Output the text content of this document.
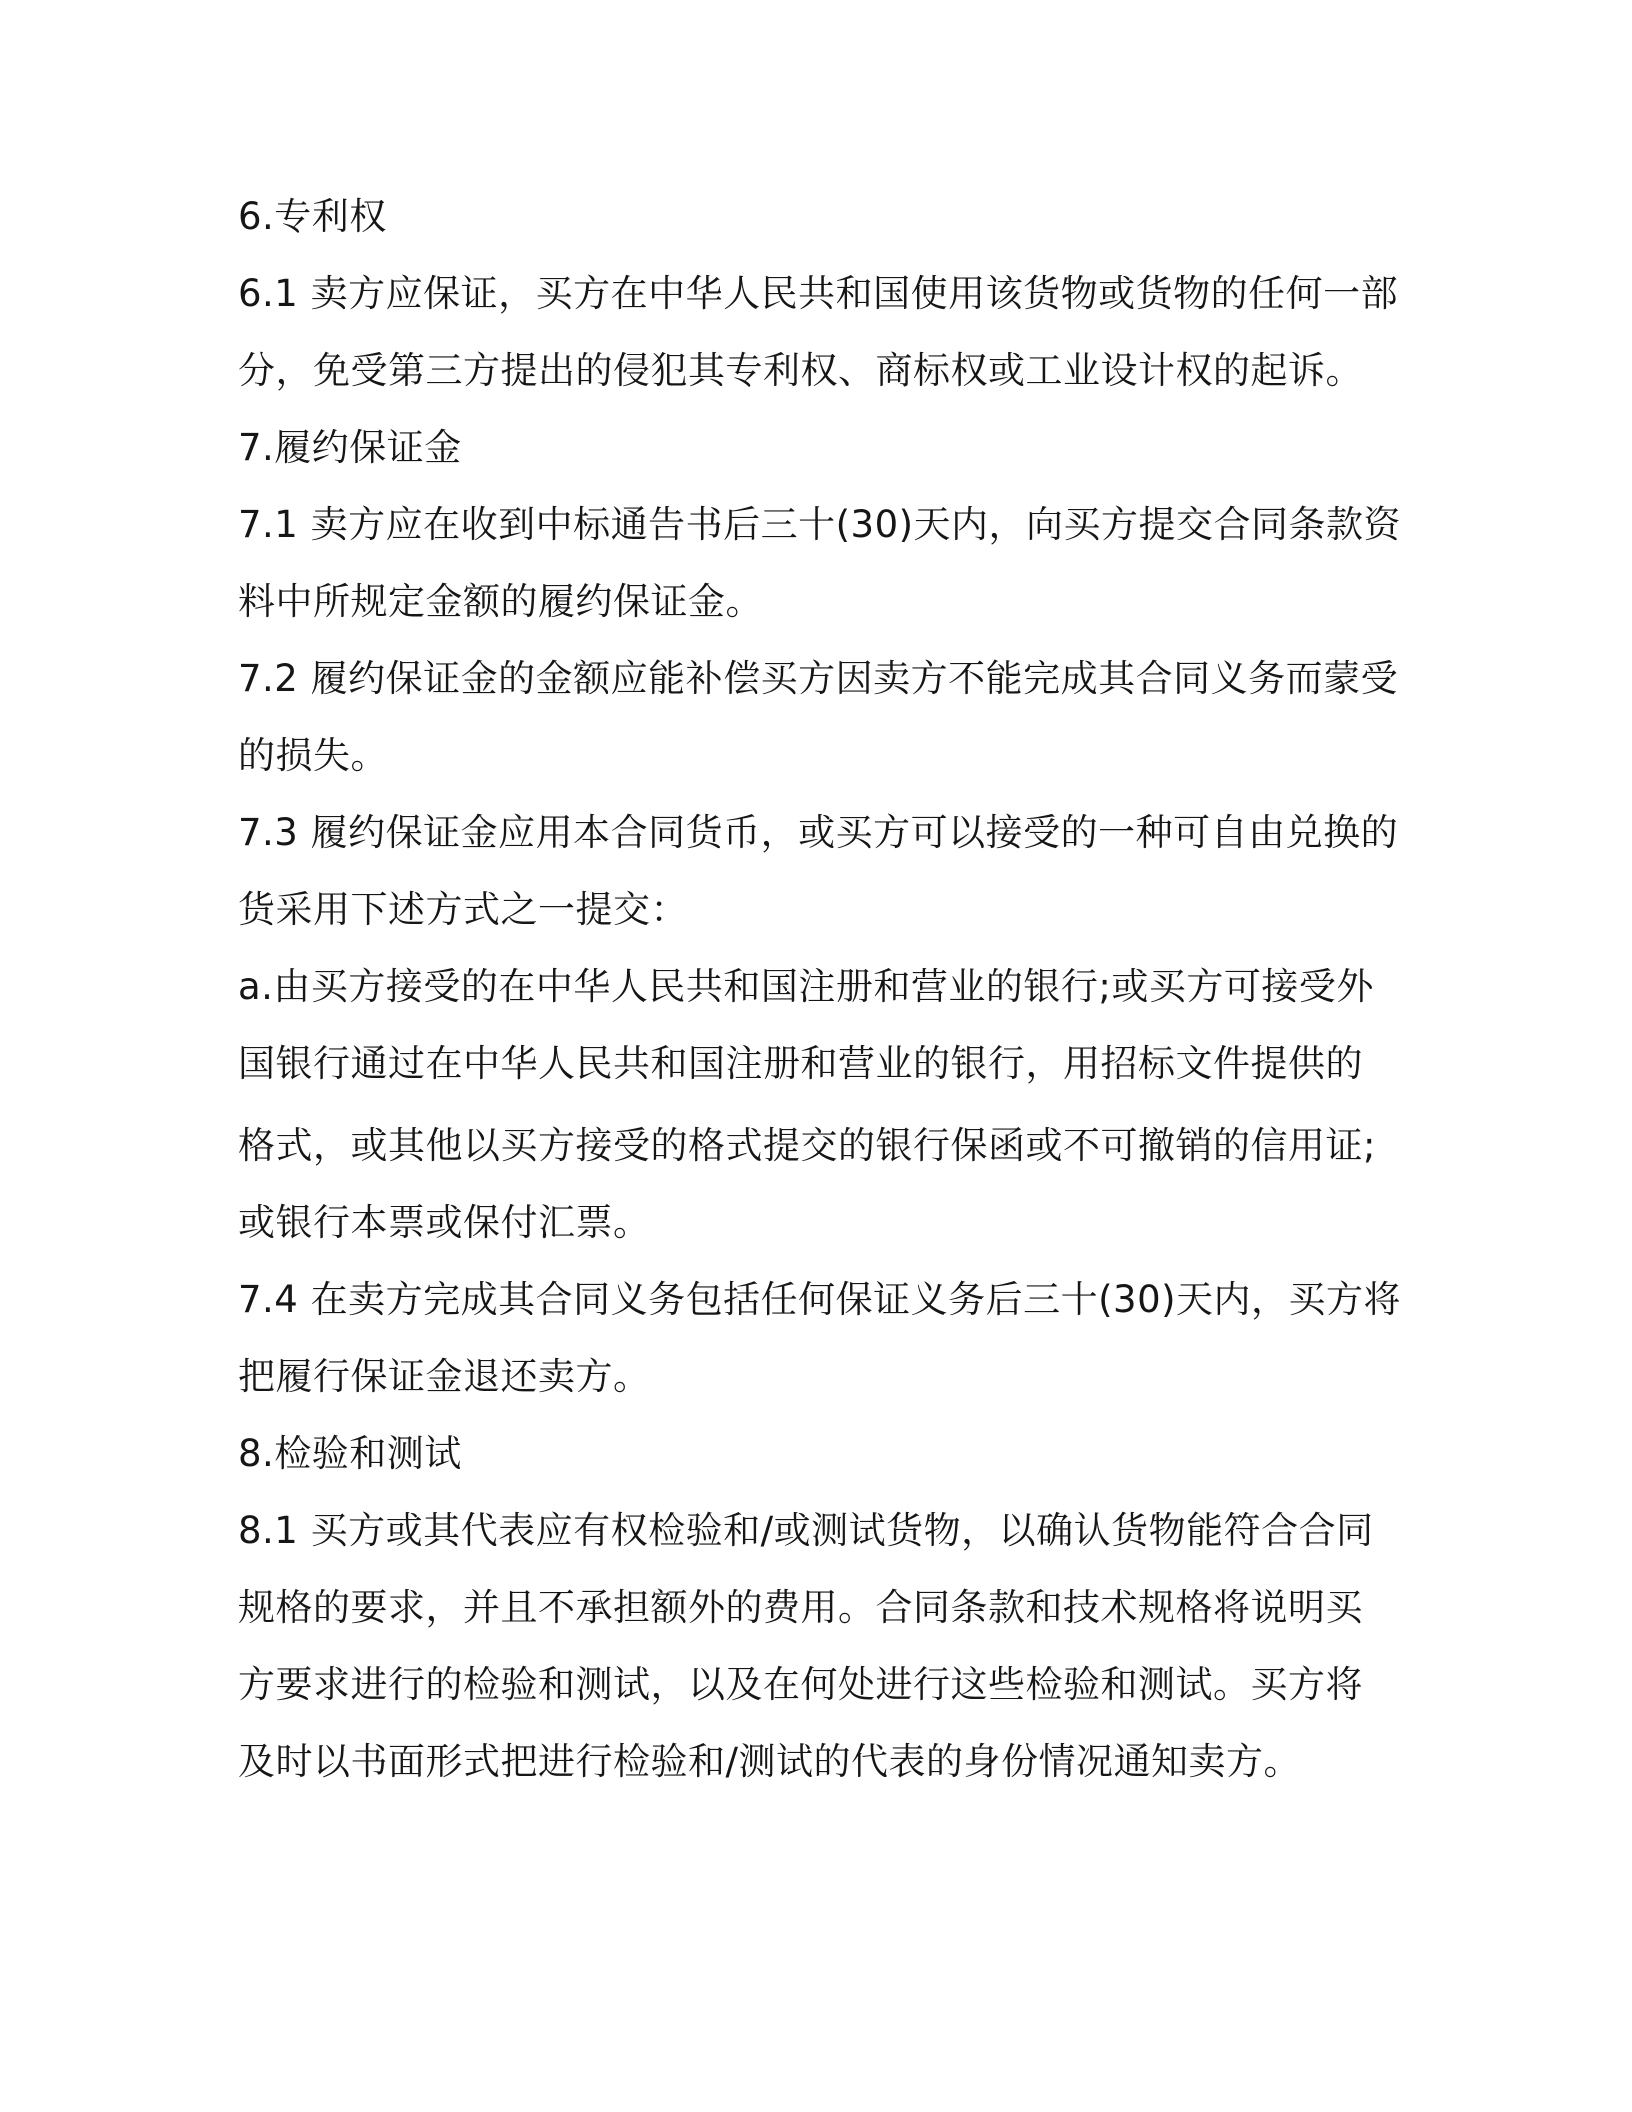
6.专利权
6.1 卖方应保证，买方在中华人民共和国使用该货物或货物的任何一部
分，免受第三方提出的侵犯其专利权、商标权或工业设计权的起诉。
7.履约保证金
7.1 卖方应在收到中标通告书后三十(30)天内，向买方提交合同条款资
料中所规定金额的履约保证金。
7.2 履约保证金的金额应能补偿买方因卖方不能完成其合同义务而蒙受
的损失。
7.3 履约保证金应用本合同货币，或买方可以接受的一种可自由兑换的
货采用下述方式之一提交：
a.由买方接受的在中华人民共和国注册和营业的银行;或买方可接受外
国银行通过在中华人民共和国注册和营业的银行，用招标文件提供的
格式，或其他以买方接受的格式提交的银行保函或不可撤销的信用证;
或银行本票或保付汇票。
7.4 在卖方完成其合同义务包括任何保证义务后三十(30)天内，买方将
把履行保证金退还卖方。
8.检验和测试
8.1 买方或其代表应有权检验和/或测试货物，以确认货物能符合合同
规格的要求，并且不承担额外的费用。合同条款和技术规格将说明买
方要求进行的检验和测试，以及在何处进行这些检验和测试。买方将
及时以书面形式把进行检验和/测试的代表的身份情况通知卖方。
